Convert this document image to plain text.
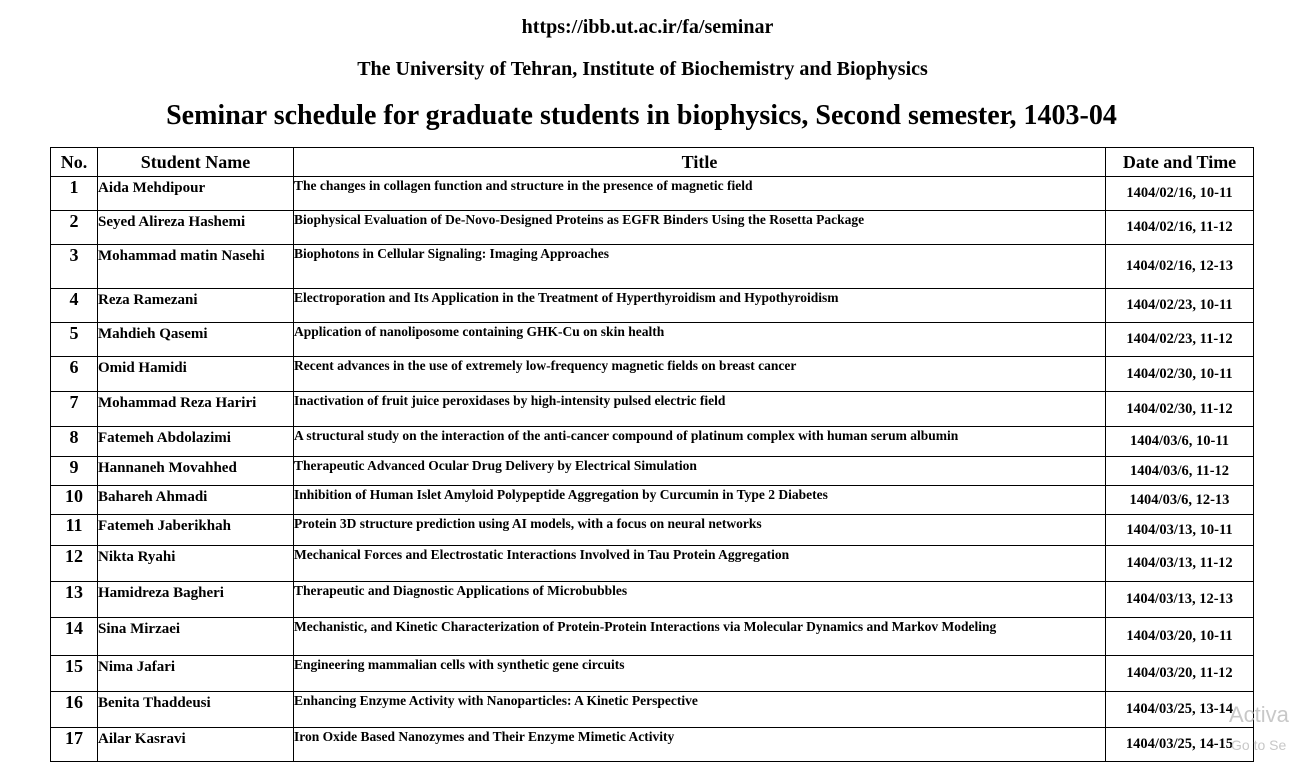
https://ibb.ut.ac.ir/fa/seminar
The University of Tehran, Institute of Biochemistry and Biophysics
Seminar schedule for graduate students in biophysics, Second semester, 1403-04
No.	Student Name	Title	Date and Time
1	Aida Mehdipour	The changes in collagen function and structure in the presence of magnetic field	1404/02/16, 10-11
2	Seyed Alireza Hashemi	Biophysical Evaluation of De-Novo-Designed Proteins as EGFR Binders Using the Rosetta Package	1404/02/16, 11-12
3	Mohammad matin Nasehi	Biophotons in Cellular Signaling: Imaging Approaches	1404/02/16, 12-13
4	Reza Ramezani	Electroporation and Its Application in the Treatment of Hyperthyroidism and Hypothyroidism	1404/02/23, 10-11
5	Mahdieh Qasemi	Application of nanoliposome containing GHK-Cu on skin health	1404/02/23, 11-12
6	Omid Hamidi	Recent advances in the use of extremely low-frequency magnetic fields on breast cancer	1404/02/30, 10-11
7	Mohammad Reza Hariri	Inactivation of fruit juice peroxidases by high-intensity pulsed electric field	1404/02/30, 11-12
8	Fatemeh Abdolazimi	A structural study on the interaction of the anti-cancer compound of platinum complex with human serum albumin	1404/03/6, 10-11
9	Hannaneh Movahhed	Therapeutic Advanced Ocular Drug Delivery by Electrical Simulation	1404/03/6, 11-12
10	Bahareh Ahmadi	Inhibition of Human Islet Amyloid Polypeptide Aggregation by Curcumin in Type 2 Diabetes	1404/03/6, 12-13
11	Fatemeh Jaberikhah	Protein 3D structure prediction using AI models, with a focus on neural networks	1404/03/13, 10-11
12	Nikta Ryahi	Mechanical Forces and Electrostatic Interactions Involved in Tau Protein Aggregation	1404/03/13, 11-12
13	Hamidreza Bagheri	Therapeutic and Diagnostic Applications of Microbubbles	1404/03/13, 12-13
14	Sina Mirzaei	Mechanistic, and Kinetic Characterization of Protein-Protein Interactions via Molecular Dynamics and Markov Modeling	1404/03/20, 10-11
15	Nima Jafari	Engineering mammalian cells with synthetic gene circuits	1404/03/20, 11-12
16	Benita Thaddeusi	Enhancing Enzyme Activity with Nanoparticles: A Kinetic Perspective	1404/03/25, 13-14
17	Ailar Kasravi	Iron Oxide Based Nanozymes and Their Enzyme Mimetic Activity	1404/03/25, 14-15
Activa
Go to Se
